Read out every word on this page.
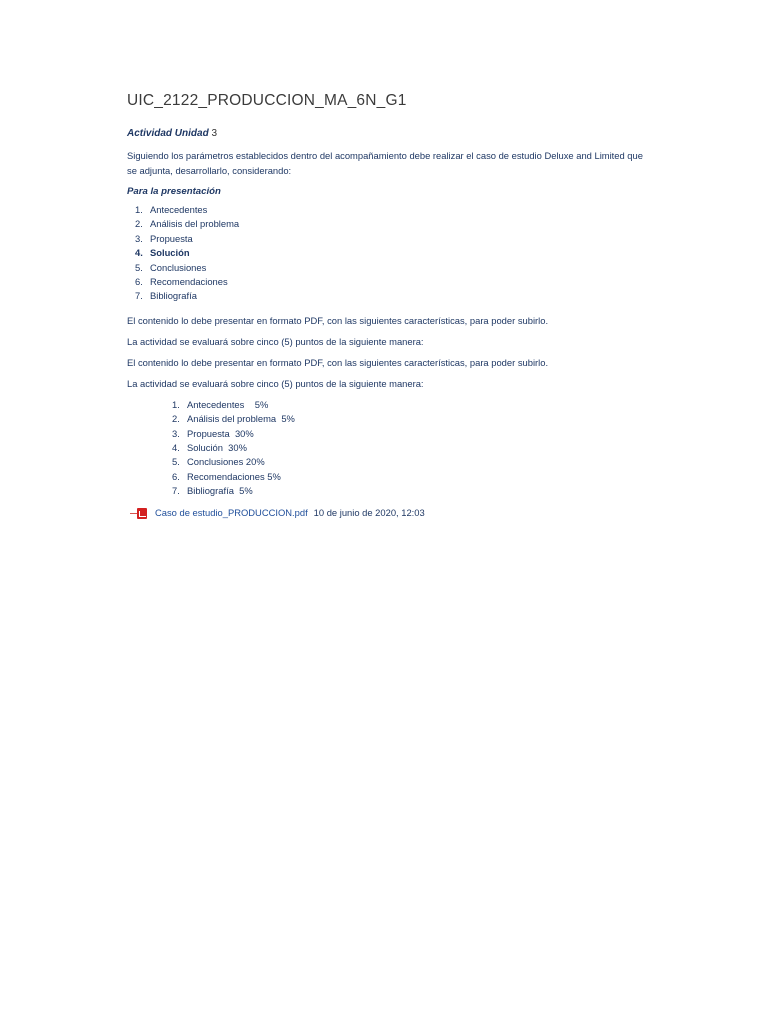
UIC_2122_PRODUCCION_MA_6N_G1
Actividad Unidad 3
Siguiendo los parámetros establecidos dentro del acompañamiento debe realizar el caso de estudio Deluxe and Limited que se adjunta, desarrollarlo, considerando:
Para la presentación
1. Antecedentes
2. Análisis del problema
3. Propuesta
4. Solución
5. Conclusiones
6. Recomendaciones
7. Bibliografía
El contenido lo debe presentar en formato PDF, con las siguientes características, para poder subirlo.
La actividad se evaluará sobre cinco (5) puntos de la siguiente manera:
El contenido lo debe presentar en formato PDF, con las siguientes características, para poder subirlo.
La actividad se evaluará sobre cinco (5) puntos de la siguiente manera:
1. Antecedentes    5%
2. Análisis del problema  5%
3. Propuesta  30%
4. Solución  30%
5. Conclusiones 20%
6. Recomendaciones 5%
7. Bibliografía  5%
Caso de estudio_PRODUCCION.pdf 10 de junio de 2020, 12:03
